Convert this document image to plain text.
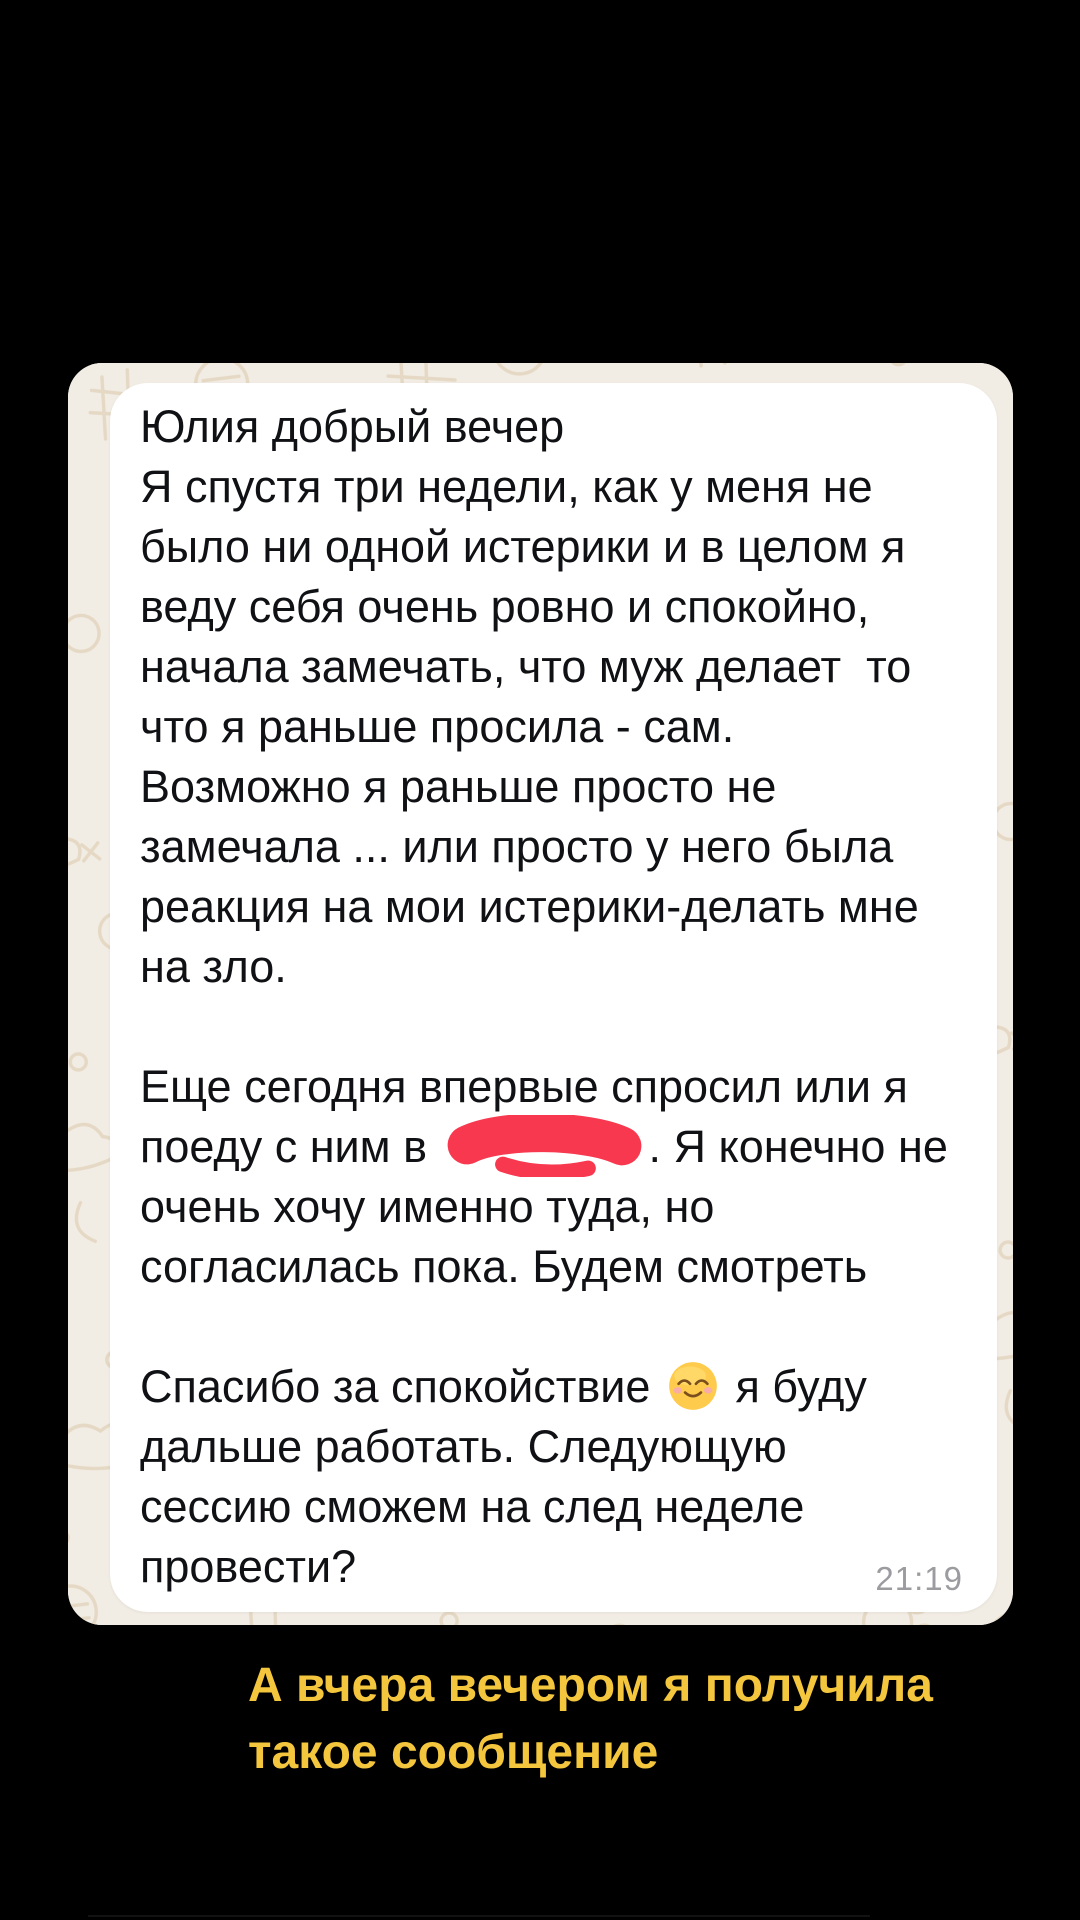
Юлия добрый вечер
Я спустя три недели, как у меня не
было ни одной истерики и в целом я
веду себя очень ровно и спокойно,
начала замечать, что муж делает  то
что я раньше просила - сам.
Возможно я раньше просто не
замечала ... или просто у него была
реакция на мои истерики-делать мне
на зло.
Еще сегодня впервые спросил или я
поеду с ним в	. Я конечно не
очень хочу именно туда, но
согласилась пока. Будем смотреть
Спасибо за спокойствие  я буду
дальше работать. Следующую
сессию сможем на след неделе
провести?	21:19
А вчера вечером я получила
такое сообщение
